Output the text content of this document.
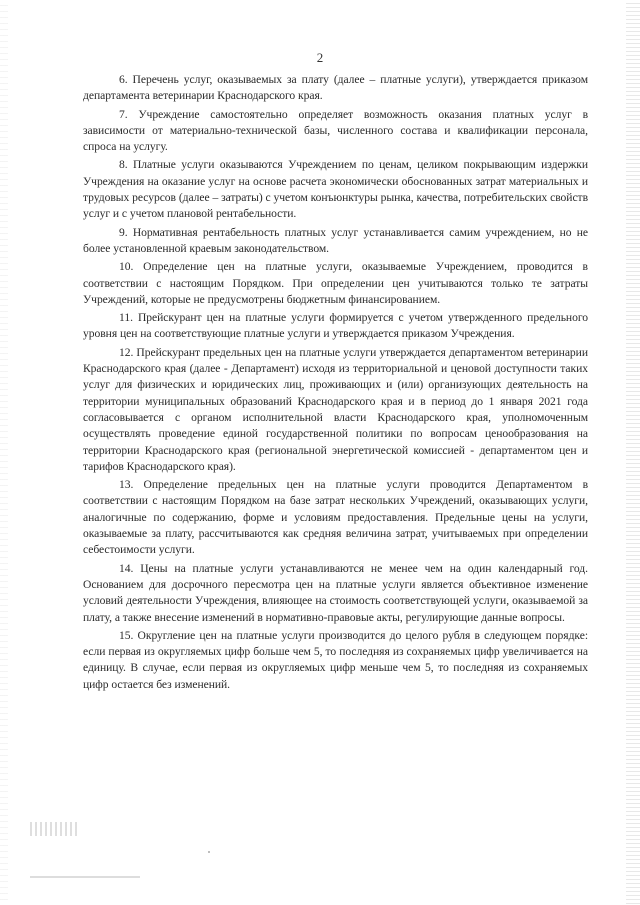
2

6. Перечень услуг, оказываемых за плату (далее – платные услуги), утверждается приказом департамента ветеринарии Краснодарского края.

7. Учреждение самостоятельно определяет возможность оказания платных услуг в зависимости от материально-технической базы, численного состава и квалификации персонала, спроса на услугу.

8. Платные услуги оказываются Учреждением по ценам, целиком покрывающим издержки Учреждения на оказание услуг на основе расчета экономически обоснованных затрат материальных и трудовых ресурсов (далее – затраты) с учетом конъюнктуры рынка, качества, потребительских свойств услуг и с учетом плановой рентабельности.

9. Нормативная рентабельность платных услуг устанавливается самим учреждением, но не более установленной краевым законодательством.

10. Определение цен на платные услуги, оказываемые Учреждением, проводится в соответствии с настоящим Порядком. При определении цен учитываются только те затраты Учреждений, которые не предусмотрены бюджетным финансированием.

11. Прейскурант цен на платные услуги формируется с учетом утвержденного предельного уровня цен на соответствующие платные услуги и утверждается приказом Учреждения.

12. Прейскурант предельных цен на платные услуги утверждается департаментом ветеринарии Краснодарского края (далее - Департамент) исходя из территориальной и ценовой доступности таких услуг для физических и юридических лиц, проживающих и (или) организующих деятельность на территории муниципальных образований Краснодарского края и в период до 1 января 2021 года согласовывается с органом исполнительной власти Краснодарского края, уполномоченным осуществлять проведение единой государственной политики по вопросам ценообразования на территории Краснодарского края (региональной энергетической комиссией - департаментом цен и тарифов Краснодарского края).

13. Определение предельных цен на платные услуги проводится Департаментом в соответствии с настоящим Порядком на базе затрат нескольких Учреждений, оказывающих услуги, аналогичные по содержанию, форме и условиям предоставления. Предельные цены на услуги, оказываемые за плату, рассчитываются как средняя величина затрат, учитываемых при определении себестоимости услуги.

14. Цены на платные услуги устанавливаются не менее чем на один календарный год. Основанием для досрочного пересмотра цен на платные услуги является объективное изменение условий деятельности Учреждения, влияющее на стоимость соответствующей услуги, оказываемой за плату, а также внесение изменений в нормативно-правовые акты, регулирующие данные вопросы.

15. Округление цен на платные услуги производится до целого рубля в следующем порядке: если первая из округляемых цифр больше чем 5, то последняя из сохраняемых цифр увеличивается на единицу. В случае, если первая из округляемых цифр меньше чем 5, то последняя из сохраняемых цифр остается без изменений.
